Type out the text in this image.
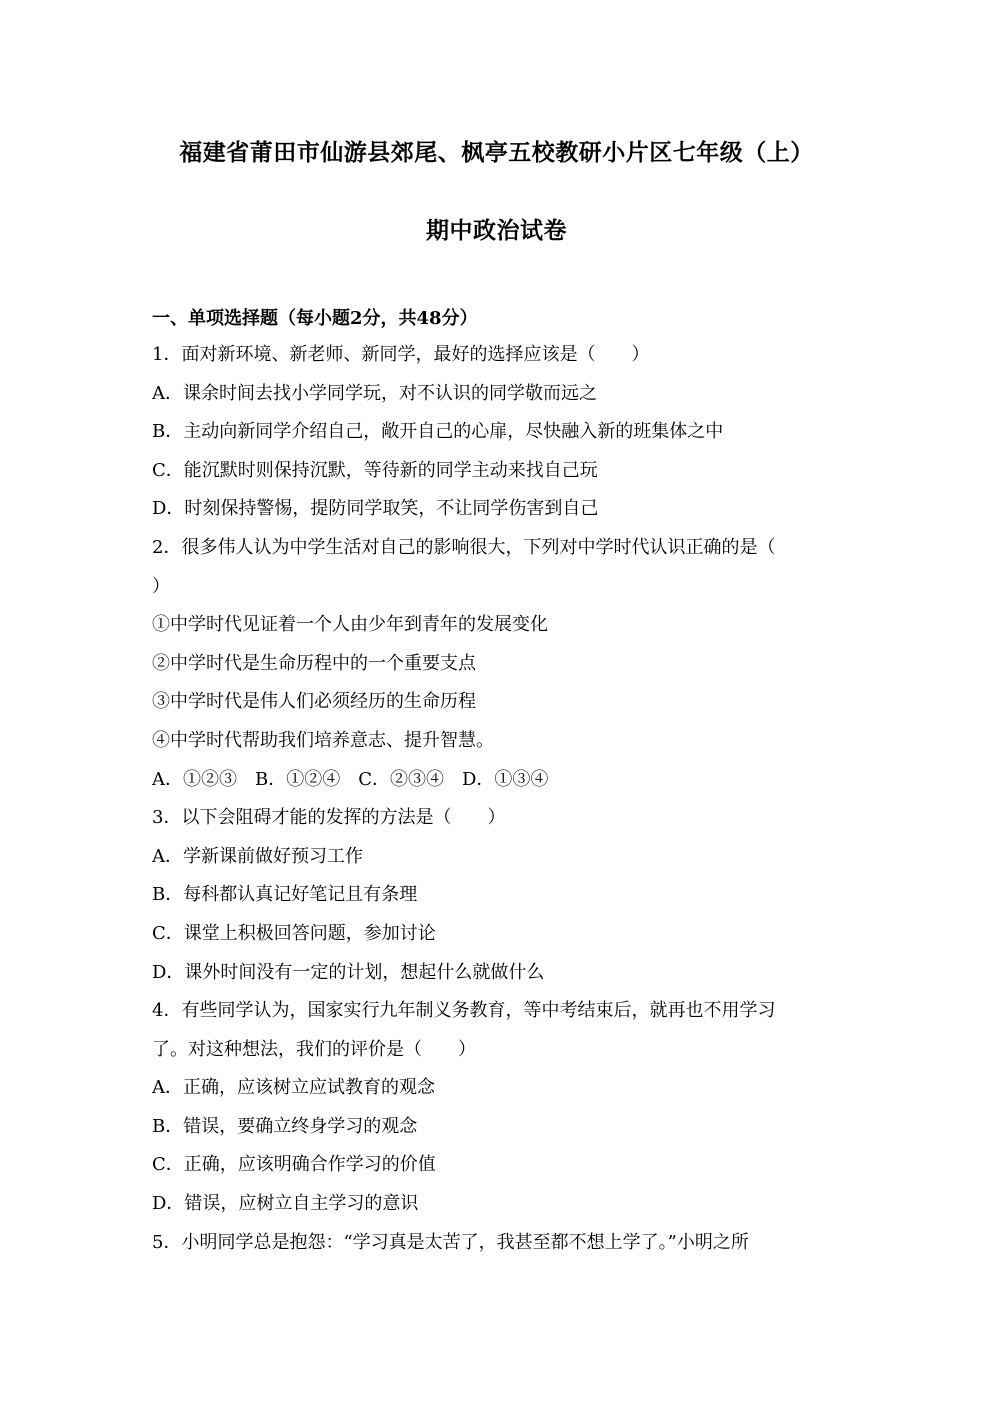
福建省莆田市仙游县郊尾、枫亭五校教研小片区七年级（上）
期中政治试卷
一、单项选择题（每小题2分，共48分）
1．面对新环境、新老师、新同学，最好的选择应该是（　　）
A．课余时间去找小学同学玩，对不认识的同学敬而远之
B．主动向新同学介绍自己，敞开自己的心扉，尽快融入新的班集体之中
C．能沉默时则保持沉默，等待新的同学主动来找自己玩
D．时刻保持警惕，提防同学取笑，不让同学伤害到自己
2．很多伟人认为中学生活对自己的影响很大，下列对中学时代认识正确的是（
）
①中学时代见证着一个人由少年到青年的发展变化
②中学时代是生命历程中的一个重要支点
③中学时代是伟人们必须经历的生命历程
④中学时代帮助我们培养意志、提升智慧。
A．①②③　B．①②④　C．②③④　D．①③④
3．以下会阻碍才能的发挥的方法是（　　）
A．学新课前做好预习工作
B．每科都认真记好笔记且有条理
C．课堂上积极回答问题，参加讨论
D．课外时间没有一定的计划，想起什么就做什么
4．有些同学认为，国家实行九年制义务教育，等中考结束后，就再也不用学习
了。对这种想法，我们的评价是（　　）
A．正确，应该树立应试教育的观念
B．错误，要确立终身学习的观念
C．正确，应该明确合作学习的价值
D．错误，应树立自主学习的意识
5．小明同学总是抱怨：“学习真是太苦了，我甚至都不想上学了。”小明之所
